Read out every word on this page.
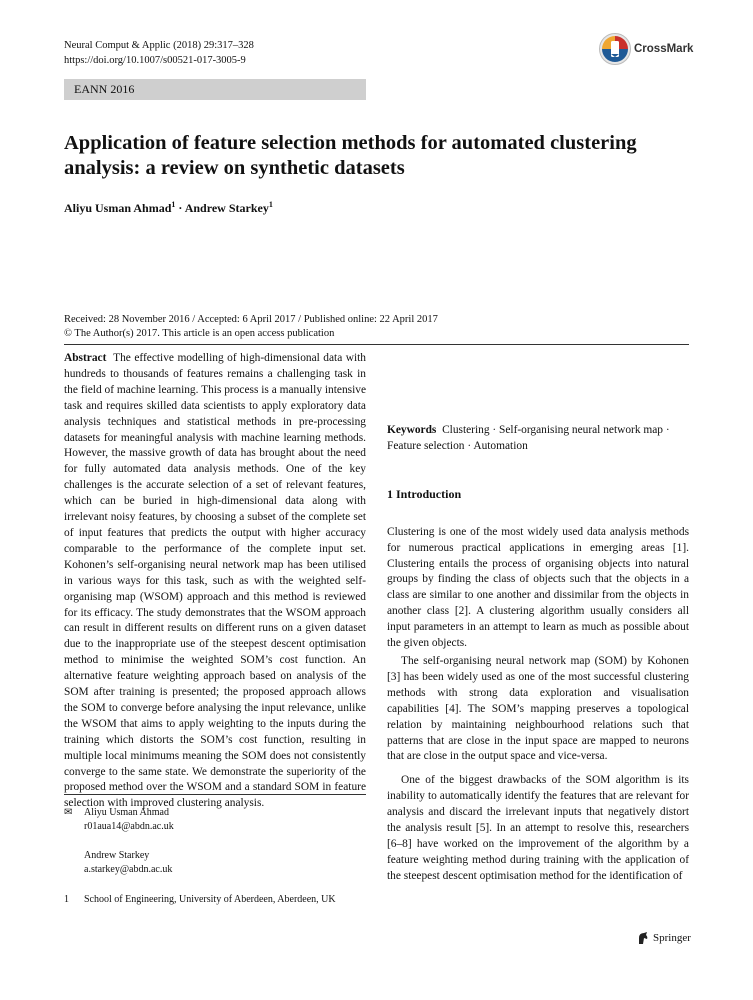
Neural Comput & Applic (2018) 29:317–328
https://doi.org/10.1007/s00521-017-3005-9
CrossMark
EANN 2016
Application of feature selection methods for automated clustering analysis: a review on synthetic datasets
Aliyu Usman Ahmad$^1$ · Andrew Starkey$^1$
Received: 28 November 2016 / Accepted: 6 April 2017 / Published online: 22 April 2017
© The Author(s) 2017. This article is an open access publication

Abstract The effective modelling of high-dimensional data with hundreds to thousands of features remains a challenging task in the field of machine learning. This process is a manually intensive task and requires skilled data scientists to apply exploratory data analysis techniques and statistical methods in pre-processing datasets for meaningful analysis with machine learning methods. However, the massive growth of data has brought about the need for fully automated data analysis methods. One of the key challenges is the accurate selection of a set of relevant features, which can be buried in high-dimensional data along with irrelevant noisy features, by choosing a subset of the complete set of input features that predicts the output with higher accuracy comparable to the performance of the complete input set. Kohonen’s self-organising neural network map has been utilised in various ways for this task, such as with the weighted self-organising map (WSOM) approach and this method is reviewed for its efficacy. The study demonstrates that the WSOM approach can result in different results on different runs on a given dataset due to the inappropriate use of the steepest descent optimisation method to minimise the weighted SOM’s cost function. An alternative feature weighting approach based on analysis of the SOM after training is presented; the proposed approach allows the SOM to converge before analysing the input relevance, unlike the WSOM that aims to apply weighting to the inputs during the training which distorts the SOM’s cost function, resulting in multiple local minimums meaning the SOM does not consistently converge to the same state. We demonstrate the superiority of the proposed method over the WSOM and a standard SOM in feature selection with improved clustering analysis.

✉ Aliyu Usman Ahmad
r01aua14@abdn.ac.uk
Andrew Starkey
a.starkey@abdn.ac.uk
1 School of Engineering, University of Aberdeen, Aberdeen, UK

Keywords Clustering · Self-organising neural network map · Feature selection · Automation

1 Introduction

Clustering is one of the most widely used data analysis methods for numerous practical applications in emerging areas [1]. Clustering entails the process of organising objects into natural groups by finding the class of objects such that the objects in a class are similar to one another and dissimilar from the objects in another class [2]. A clustering algorithm usually considers all input parameters in an attempt to learn as much as possible about the given objects.

The self-organising neural network map (SOM) by Kohonen [3] has been widely used as one of the most successful clustering methods with strong data exploration and visualisation capabilities [4]. The SOM’s mapping preserves a topological relation by maintaining neighbourhood relations such that patterns that are close in the input space are mapped to neurons that are close in the output space and vice-versa.

One of the biggest drawbacks of the SOM algorithm is its inability to automatically identify the features that are relevant for analysis and discard the irrelevant inputs that negatively distort the analysis result [5]. In an attempt to resolve this, researchers [6–8] have worked on the improvement of the algorithm by a feature weighting method during training with the application of the steepest descent optimisation method for the identification of

Springer
